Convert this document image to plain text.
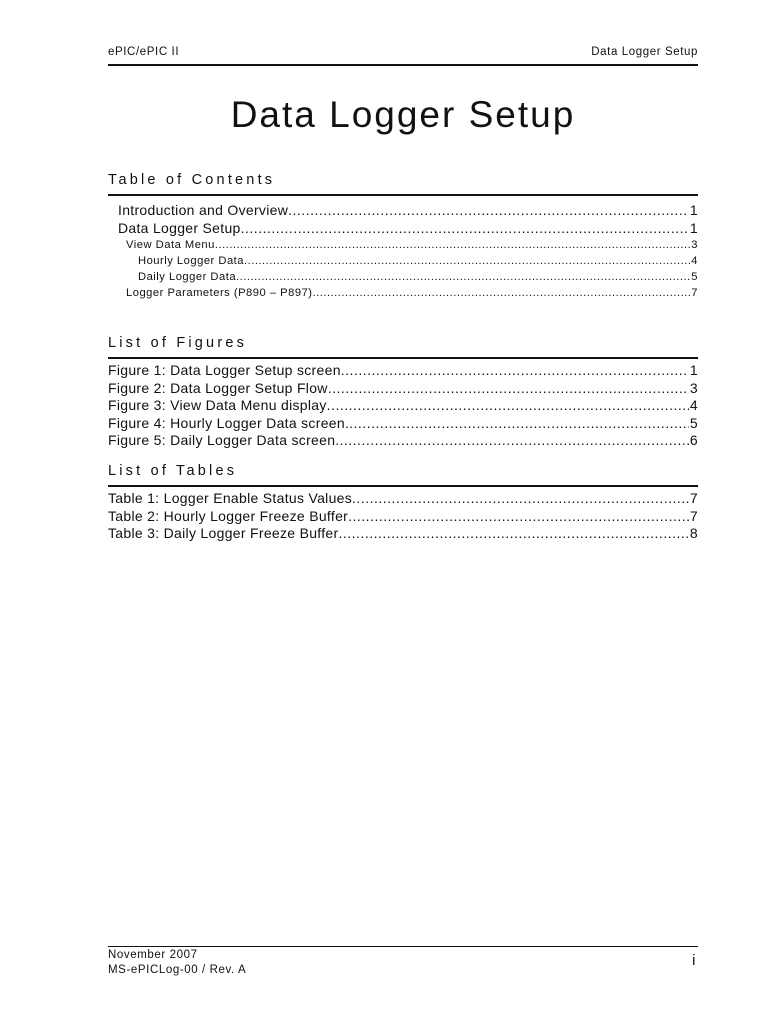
ePIC/ePIC II	Data Logger Setup
Data Logger Setup
Table of Contents
Introduction and Overview .....	1
Data Logger Setup .....	1
View Data Menu .....	3
Hourly Logger Data .....	4
Daily Logger Data .....	5
Logger Parameters (P890 – P897) .....	7
List of Figures
Figure 1: Data Logger Setup screen .....	1
Figure 2: Data Logger Setup Flow .....	3
Figure 3: View Data Menu display .....	4
Figure 4: Hourly Logger Data screen. .....	5
Figure 5: Daily Logger Data screen. .....	6
List of Tables
Table 1: Logger Enable Status Values .....	7
Table 2: Hourly Logger Freeze Buffer .....	7
Table 3: Daily Logger Freeze Buffer .....	8
November 2007
MS-ePICLog-00 / Rev. A
i
